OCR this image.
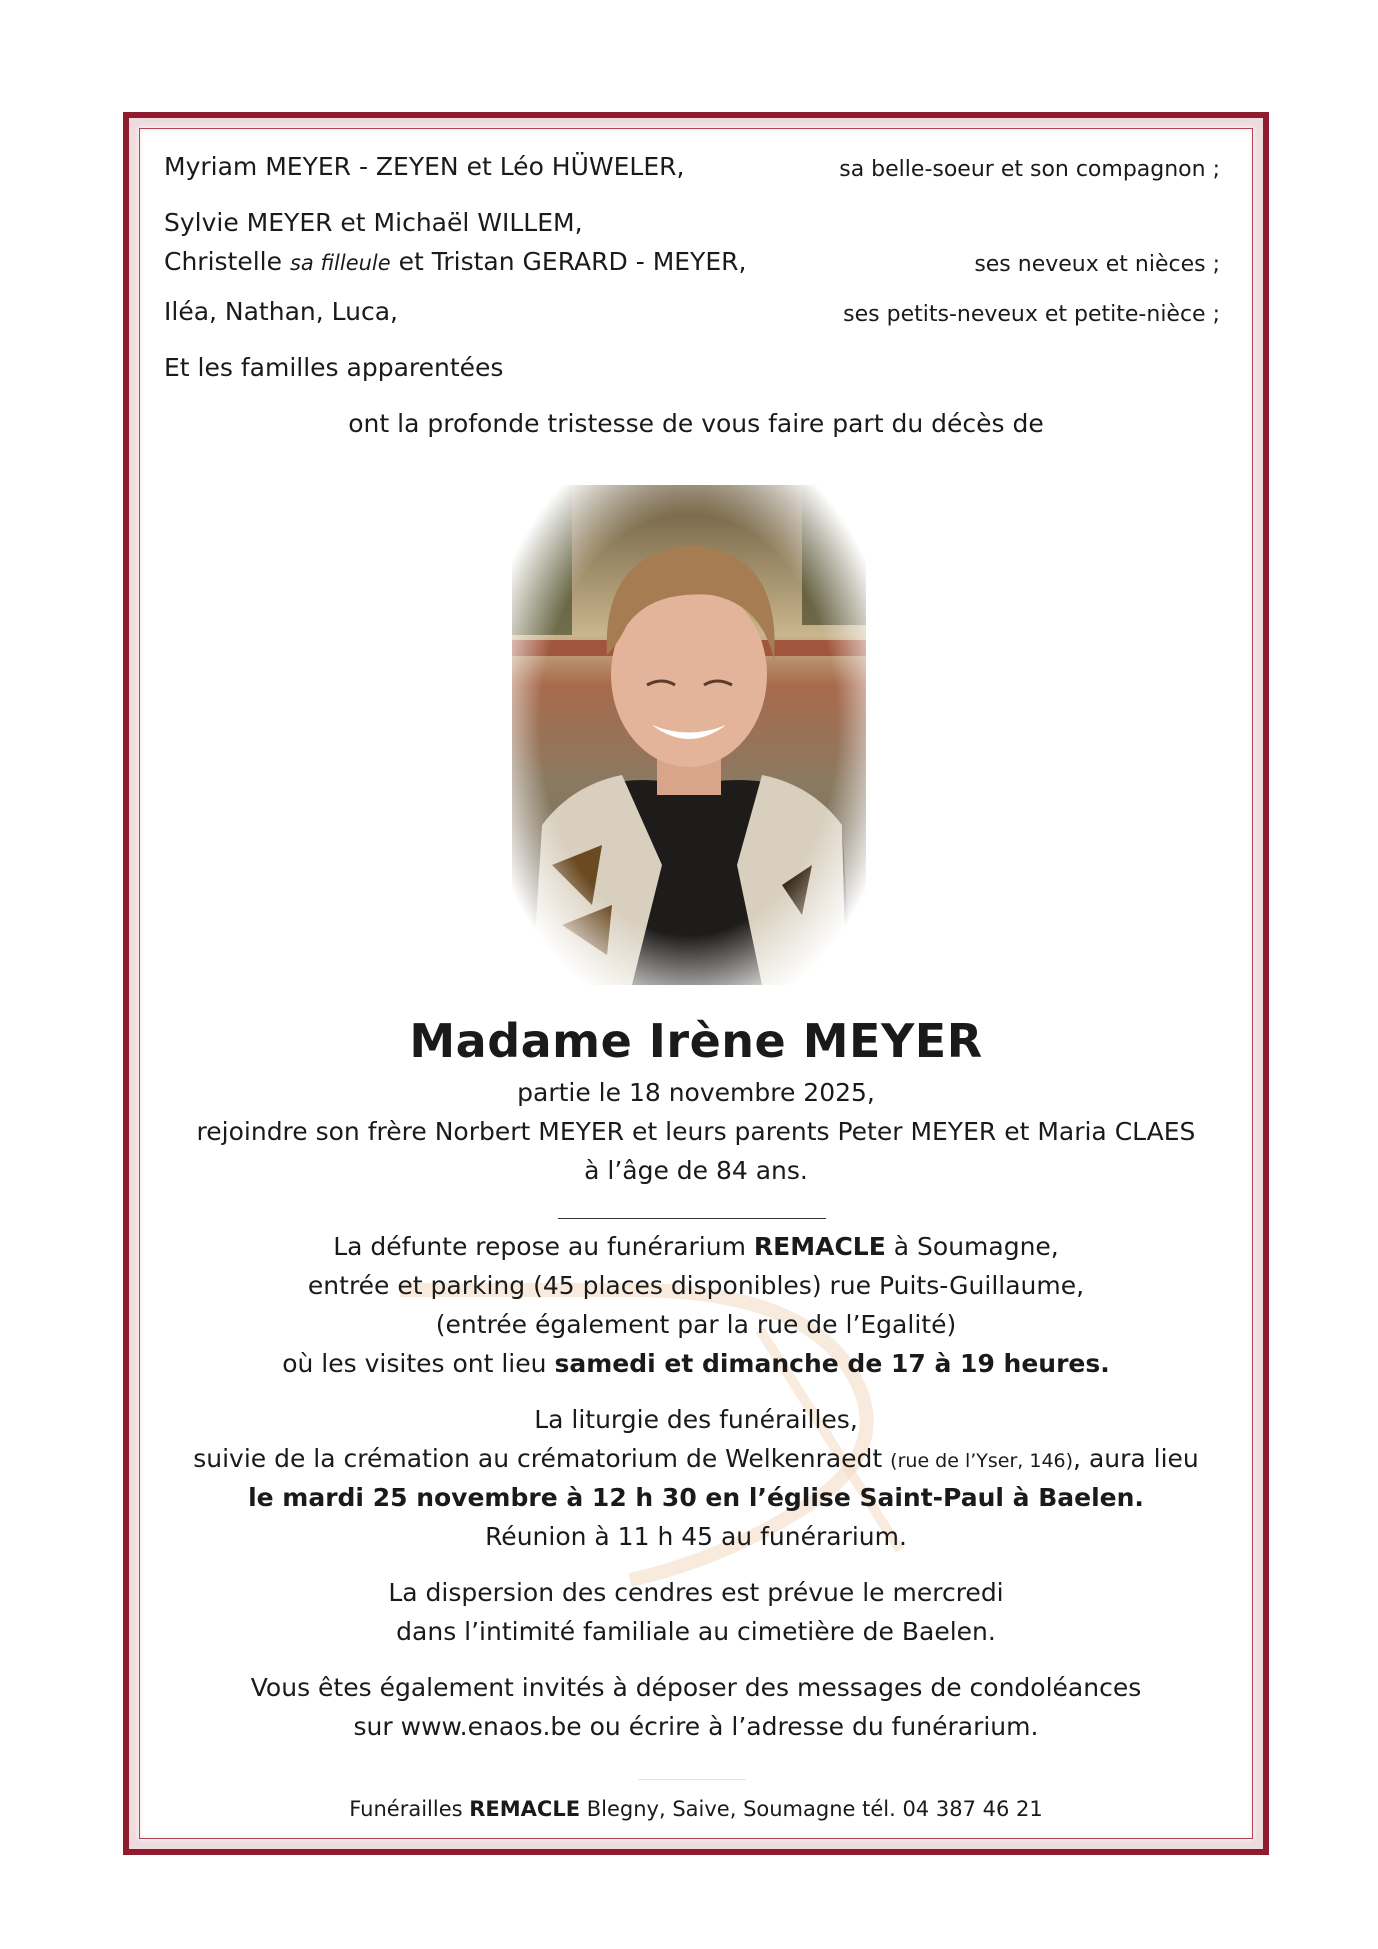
Myriam MEYER - ZEYEN et Léo HÜWELER,	sa belle-soeur et son compagnon ;
Sylvie MEYER et Michaël WILLEM,
Christelle sa filleule et Tristan GERARD - MEYER,	ses neveux et nièces ;
Iléa, Nathan, Luca,	ses petits-neveux et petite-nièce ;
Et les familles apparentées
ont la profonde tristesse de vous faire part du décès de
Madame Irène MEYER
partie le 18 novembre 2025,
rejoindre son frère Norbert MEYER et leurs parents Peter MEYER et Maria CLAES
à l’âge de 84 ans.
La défunte repose au funérarium REMACLE à Soumagne,
entrée et parking (45 places disponibles) rue Puits-Guillaume,
(entrée également par la rue de l’Egalité)
où les visites ont lieu samedi et dimanche de 17 à 19 heures.
La liturgie des funérailles,
suivie de la crémation au crématorium de Welkenraedt (rue de l’Yser, 146), aura lieu
le mardi 25 novembre à 12 h 30 en l’église Saint-Paul à Baelen.
Réunion à 11 h 45 au funérarium.
La dispersion des cendres est prévue le mercredi
dans l’intimité familiale au cimetière de Baelen.
Vous êtes également invités à déposer des messages de condoléances
sur www.enaos.be ou écrire à l’adresse du funérarium.
Funérailles REMACLE Blegny, Saive, Soumagne tél. 04 387 46 21
